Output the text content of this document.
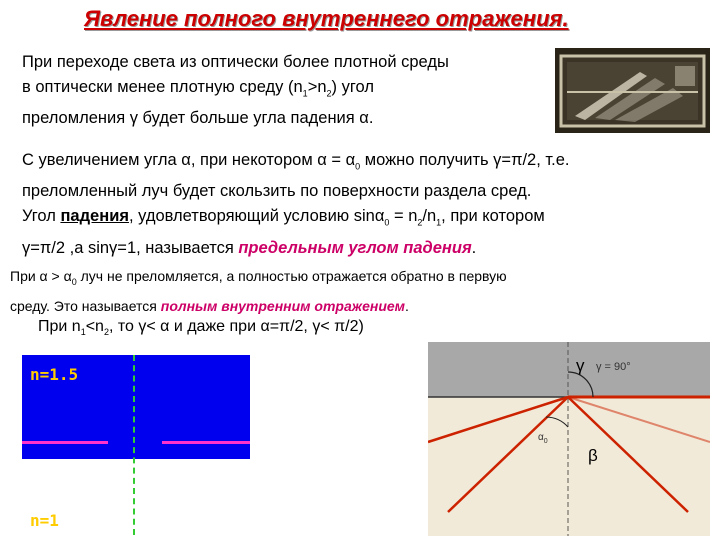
Явление полного внутреннего отражения.
При переходе света из оптически более плотной среды
в оптически менее плотную среду $(n_1>n_2)$ угол
преломления γ будет больше угла падения α.
С увеличением угла α, при некотором $\alpha = \alpha_0$ можно получить γ=π/2, т.е.
преломленный луч будет скользить по поверхности раздела сред.
Угол падения, удовлетворяющий условию $\sin\alpha_0 = n_2/n_1$, при котором
γ=π/2 ,а sinγ=1, называется предельным углом падения.
При $\alpha > \alpha_0$ луч не преломляется, а полностью отражается обратно в первую
среду. Это называется полным внутренним отражением.
При $n_1<n_2$, то γ< α и даже при α=π/2, γ< π/2)
n=1.5
n=1
γ = 90°
$\alpha_0$
γ
β
